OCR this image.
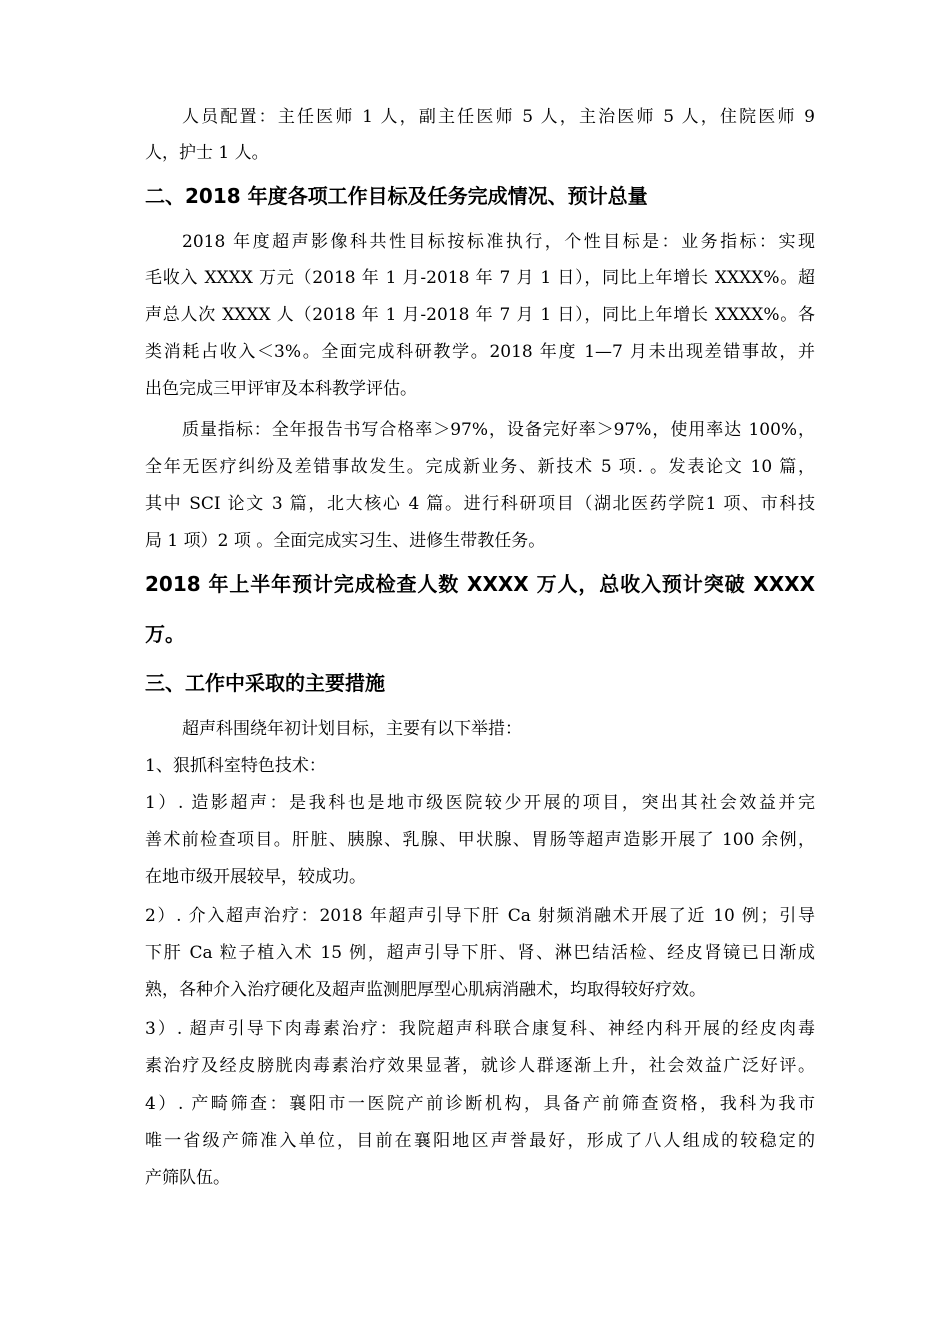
人员配置：主任医师 1 人，副主任医师 5 人，主治医师 5 人，住院医师 9
人，护士 1 人。
二、2018 年度各项工作目标及任务完成情况、预计总量
2018 年度超声影像科共性目标按标准执行，个性目标是：业务指标：实现
毛收入 XXXX 万元（2018 年 1 月-2018 年 7 月 1 日），同比上年增长 XXXX%。超
声总人次 XXXX 人（2018 年 1 月-2018 年 7 月 1 日），同比上年增长 XXXX%。各
类消耗占收入＜3%。全面完成科研教学。2018 年度 1—7 月未出现差错事故，并
出色完成三甲评审及本科教学评估。
质量指标：全年报告书写合格率＞97%，设备完好率＞97%，使用率达 100%，
全年无医疗纠纷及差错事故发生。完成新业务、新技术 5 项. 。发表论文 10 篇，
其中 SCI 论文 3 篇，北大核心 4 篇。进行科研项目（湖北医药学院1 项、市科技
局 1 项）2 项 。全面完成实习生、进修生带教任务。
2018 年上半年预计完成检查人数 XXXX 万人，总收入预计突破 XXXX
万。
三、工作中采取的主要措施
超声科围绕年初计划目标，主要有以下举措：
1、狠抓科室特色技术：
1）. 造影超声：是我科也是地市级医院较少开展的项目，突出其社会效益并完
善术前检查项目。肝脏、胰腺、乳腺、甲状腺、胃肠等超声造影开展了 100 余例，
在地市级开展较早，较成功。
2）. 介入超声治疗：2018 年超声引导下肝 Ca 射频消融术开展了近 10 例；引导
下肝 Ca 粒子植入术 15 例，超声引导下肝、肾、淋巴结活检、经皮肾镜已日渐成
熟，各种介入治疗硬化及超声监测肥厚型心肌病消融术，均取得较好疗效。
3）. 超声引导下肉毒素治疗：我院超声科联合康复科、神经内科开展的经皮肉毒
素治疗及经皮膀胱肉毒素治疗效果显著，就诊人群逐渐上升，社会效益广泛好评。
4）. 产畸筛查：襄阳市一医院产前诊断机构，具备产前筛查资格，我科为我市
唯一省级产筛准入单位，目前在襄阳地区声誉最好，形成了八人组成的较稳定的
产筛队伍。
